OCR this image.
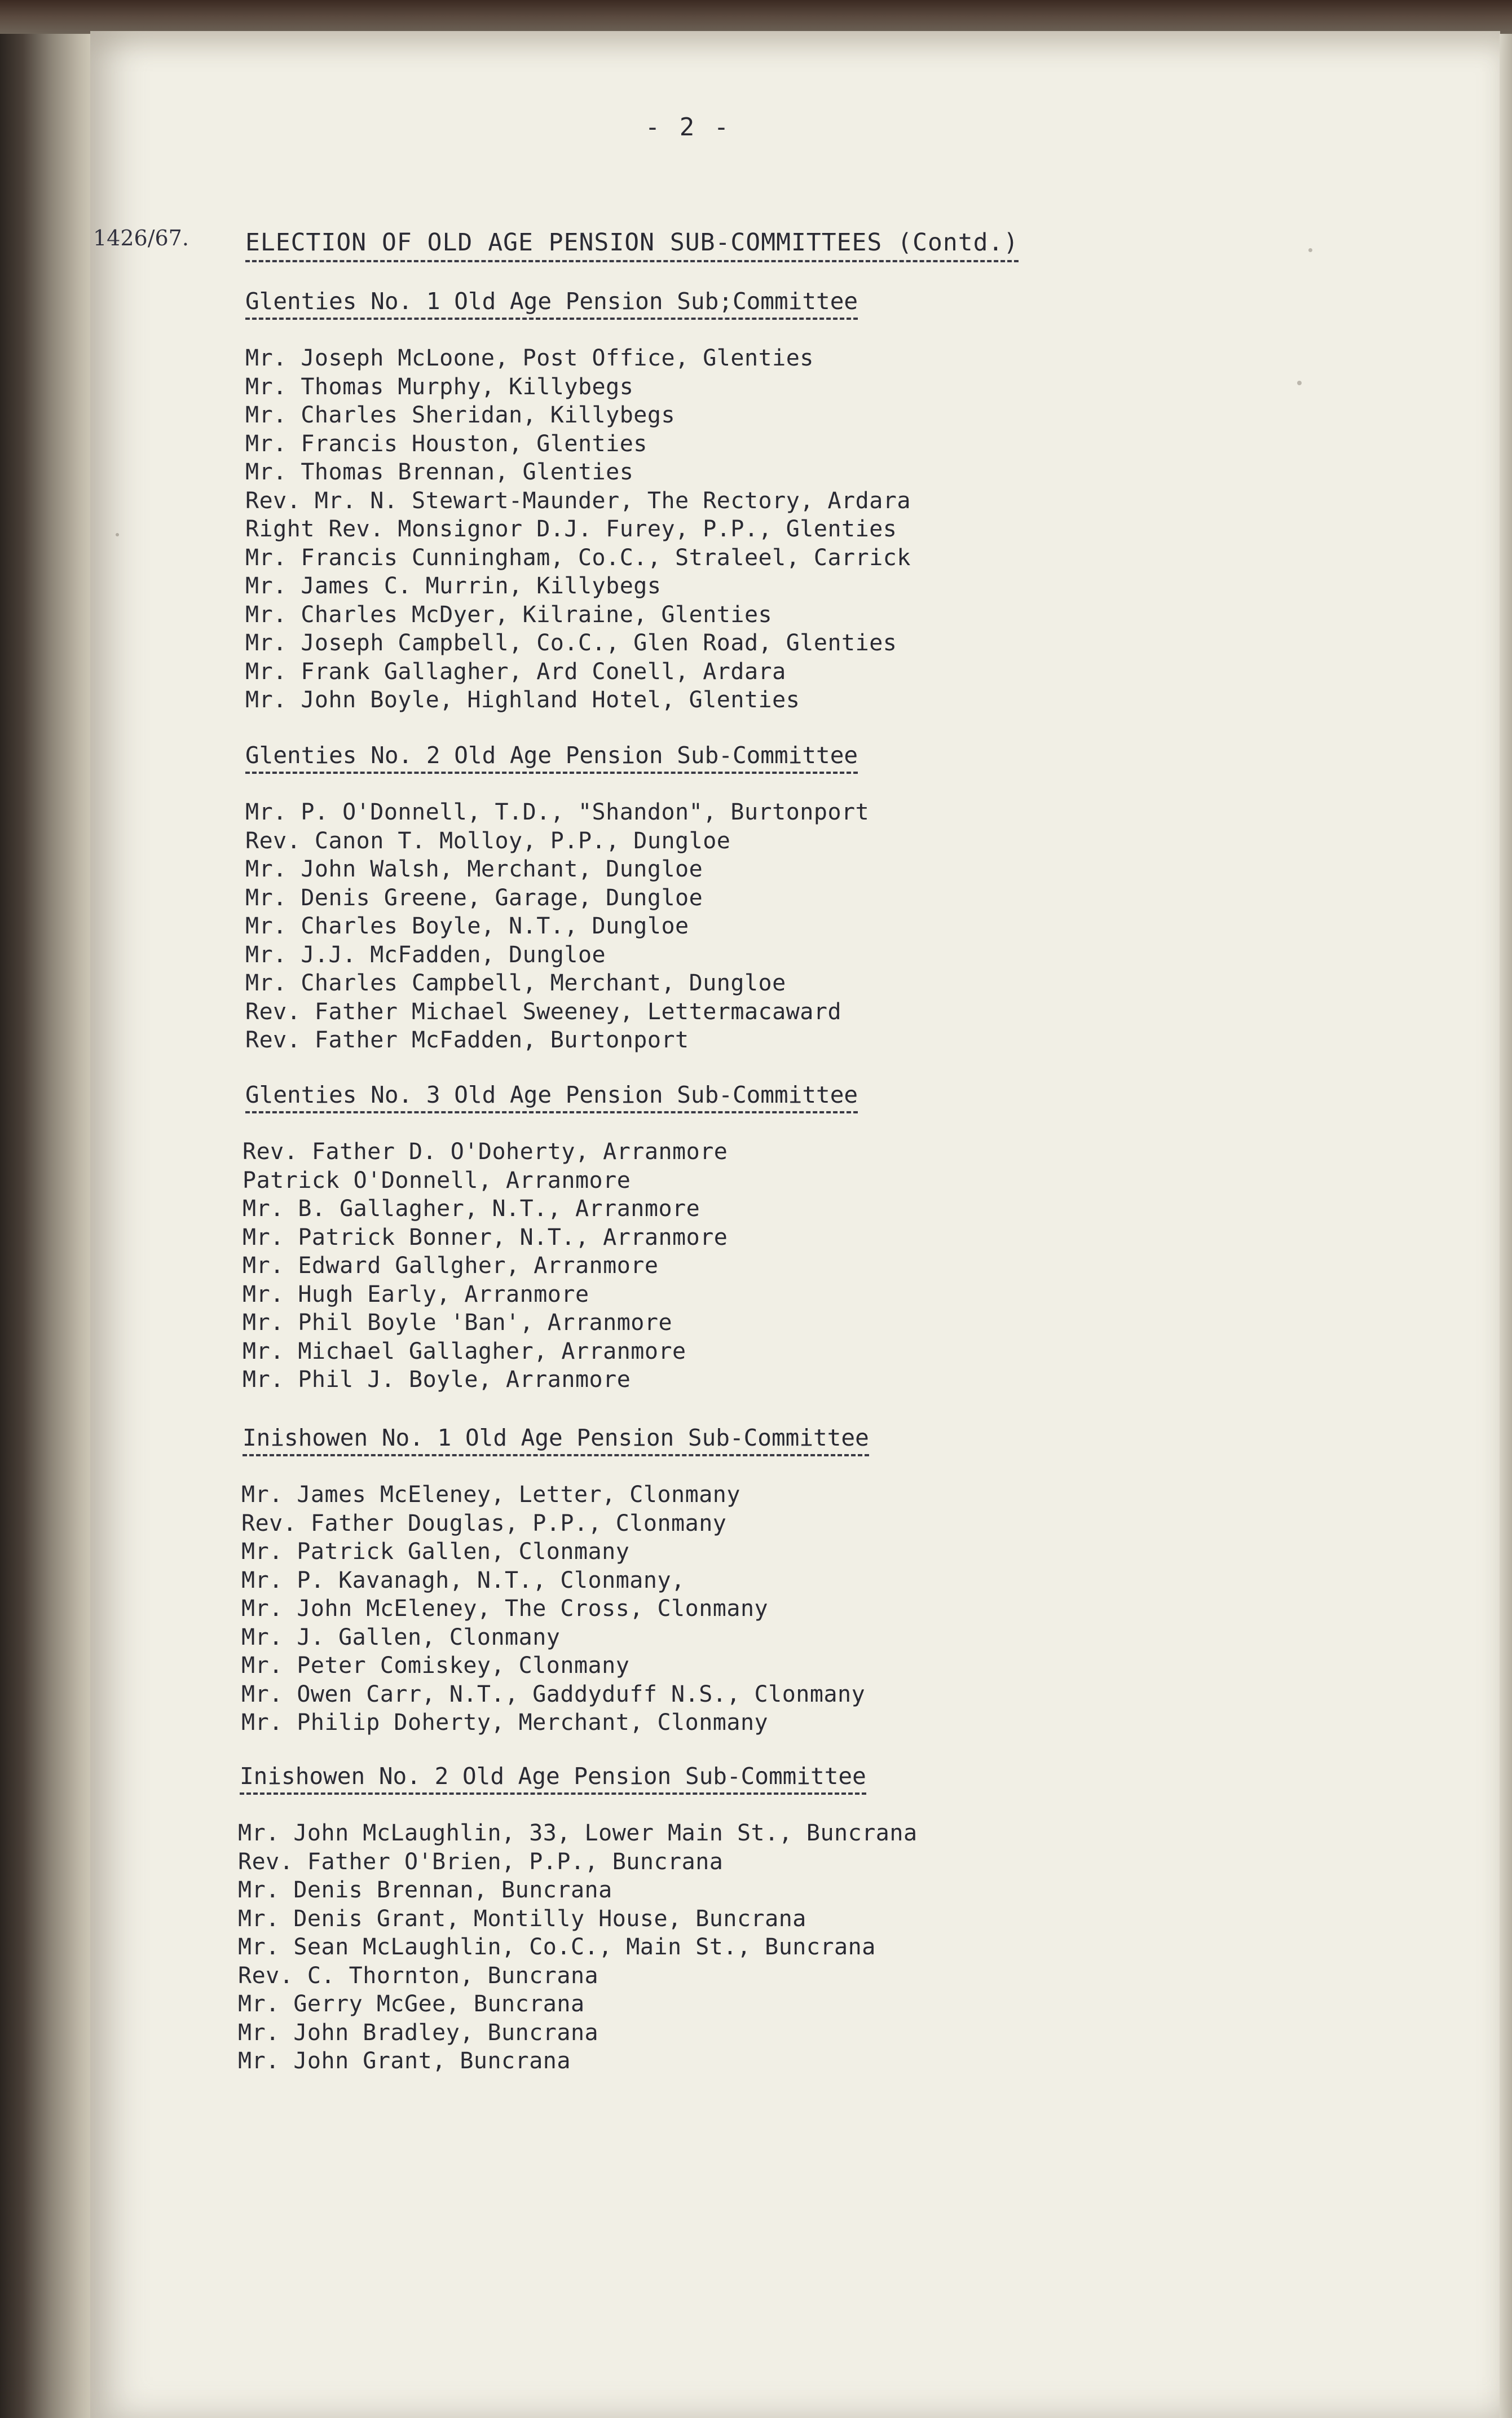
- 2 -
1426/67. ELECTION OF OLD AGE PENSION SUB-COMMITTEES (Contd.)
Glenties No. 1 Old Age Pension Sub;Committee
Mr. Joseph McLoone, Post Office, Glenties
Mr. Thomas Murphy, Killybegs
Mr. Charles Sheridan, Killybegs
Mr. Francis Houston, Glenties
Mr. Thomas Brennan, Glenties
Rev. Mr. N. Stewart-Maunder, The Rectory, Ardara
Right Rev. Monsignor D.J. Furey, P.P., Glenties
Mr. Francis Cunningham, Co.C., Straleel, Carrick
Mr. James C. Murrin, Killybegs
Mr. Charles McDyer, Kilraine, Glenties
Mr. Joseph Campbell, Co.C., Glen Road, Glenties
Mr. Frank Gallagher, Ard Conell, Ardara
Mr. John Boyle, Highland Hotel, Glenties
Glenties No. 2 Old Age Pension Sub-Committee
Mr. P. O'Donnell, T.D., "Shandon", Burtonport
Rev. Canon T. Molloy, P.P., Dungloe
Mr. John Walsh, Merchant, Dungloe
Mr. Denis Greene, Garage, Dungloe
Mr. Charles Boyle, N.T., Dungloe
Mr. J.J. McFadden, Dungloe
Mr. Charles Campbell, Merchant, Dungloe
Rev. Father Michael Sweeney, Lettermacaward
Rev. Father McFadden, Burtonport
Glenties No. 3 Old Age Pension Sub-Committee
Rev. Father D. O'Doherty, Arranmore
Patrick O'Donnell, Arranmore
Mr. B. Gallagher, N.T., Arranmore
Mr. Patrick Bonner, N.T., Arranmore
Mr. Edward Gallgher, Arranmore
Mr. Hugh Early, Arranmore
Mr. Phil Boyle 'Ban', Arranmore
Mr. Michael Gallagher, Arranmore
Mr. Phil J. Boyle, Arranmore
Inishowen No. 1 Old Age Pension Sub-Committee
Mr. James McEleney, Letter, Clonmany
Rev. Father Douglas, P.P., Clonmany
Mr. Patrick Gallen, Clonmany
Mr. P. Kavanagh, N.T., Clonmany,
Mr. John McEleney, The Cross, Clonmany
Mr. J. Gallen, Clonmany
Mr. Peter Comiskey, Clonmany
Mr. Owen Carr, N.T., Gaddyduff N.S., Clonmany
Mr. Philip Doherty, Merchant, Clonmany
Inishowen No. 2 Old Age Pension Sub-Committee
Mr. John McLaughlin, 33, Lower Main St., Buncrana
Rev. Father O'Brien, P.P., Buncrana
Mr. Denis Brennan, Buncrana
Mr. Denis Grant, Montilly House, Buncrana
Mr. Sean McLaughlin, Co.C., Main St., Buncrana
Rev. C. Thornton, Buncrana
Mr. Gerry McGee, Buncrana
Mr. John Bradley, Buncrana
Mr. John Grant, Buncrana
